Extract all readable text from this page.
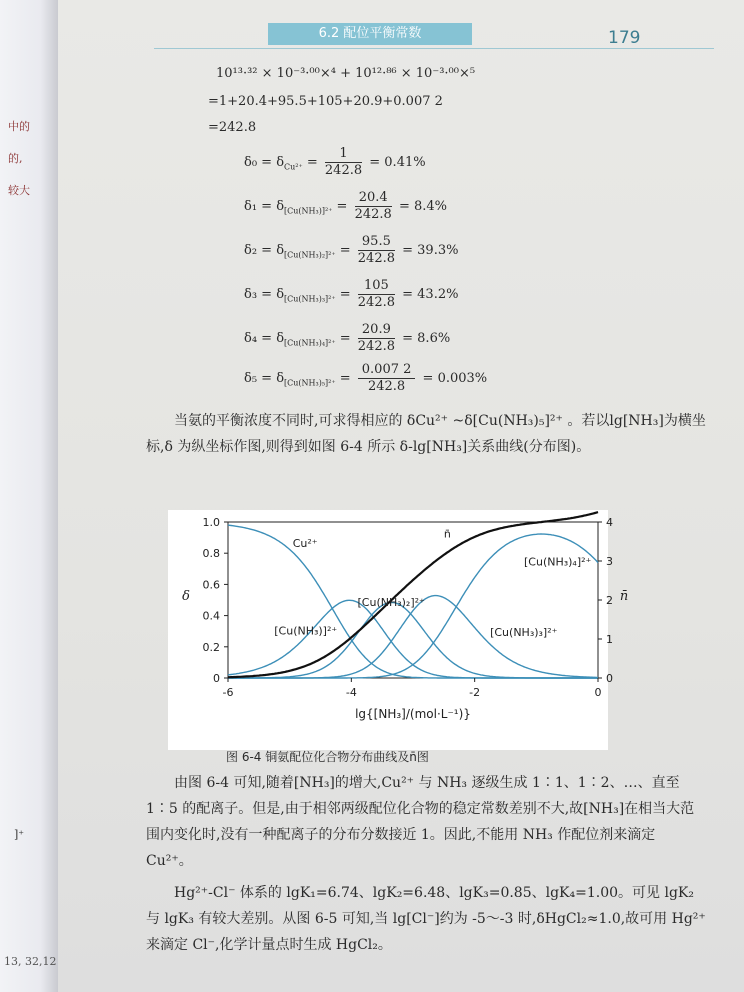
中的
的,
较大
]⁺
13, 32,12
6.2 配位平衡常数	179
10¹³·³² × 10⁻³·⁰⁰×⁴ + 10¹²·⁸⁶ × 10⁻³·⁰⁰×⁵
=1+20.4+95.5+105+20.9+0.007 2
=242.8
$\delta_0 = \delta_{Cu^{2+}} = \frac{1}{242.8} = 0.41\%$
$\delta_1 = \delta_{[Cu(NH_3)]^{2+}} = \frac{20.4}{242.8} = 8.4\%$
$\delta_2 = \delta_{[Cu(NH_3)_2]^{2+}} = \frac{95.5}{242.8} = 39.3\%$
$\delta_3 = \delta_{[Cu(NH_3)_3]^{2+}} = \frac{105}{242.8} = 43.2\%$
$\delta_4 = \delta_{[Cu(NH_3)_4]^{2+}} = \frac{20.9}{242.8} = 8.6\%$
$\delta_5 = \delta_{[Cu(NH_3)_5]^{2+}} = \frac{0.007 2}{242.8} = 0.003\%$
当氨的平衡浓度不同时,可求得相应的 δCu²⁺ ~δ[Cu(NH₃)₅]²⁺ 。若以lg[NH₃]为横坐标,δ 为纵坐标作图,则得到如图 6-4 所示 δ-lg[NH₃]关系曲线(分布图)。
-6	-4	-2	0
0
0.2
0.4
0.6
0.8
1.0
0
1
2
3
4
lg{[NH₃]/(mol·L⁻¹)}
δ	n̄
Cu²⁺
[Cu(NH₃)]²⁺
[Cu(NH₃)₂]²⁺
[Cu(NH₃)₃]²⁺
[Cu(NH₃)₄]²⁺
n̄
图 6-4 铜氨配位化合物分布曲线及n̄图
由图 6-4 可知,随着[NH₃]的增大,Cu²⁺ 与 NH₃ 逐级生成 1∶1、1∶2、…、直至 1∶5 的配离子。但是,由于相邻两级配位化合物的稳定常数差别不大,故[NH₃]在相当大范围内变化时,没有一种配离子的分布分数接近 1。因此,不能用 NH₃ 作配位剂来滴定 Cu²⁺。
Hg²⁺-Cl⁻ 体系的 lgK₁=6.74、lgK₂=6.48、lgK₃=0.85、lgK₄=1.00。可见 lgK₂ 与 lgK₃ 有较大差别。从图 6-5 可知,当 lg[Cl⁻]约为 -5～-3 时,δHgCl₂≈1.0,故可用 Hg²⁺ 来滴定 Cl⁻,化学计量点时生成 HgCl₂。
